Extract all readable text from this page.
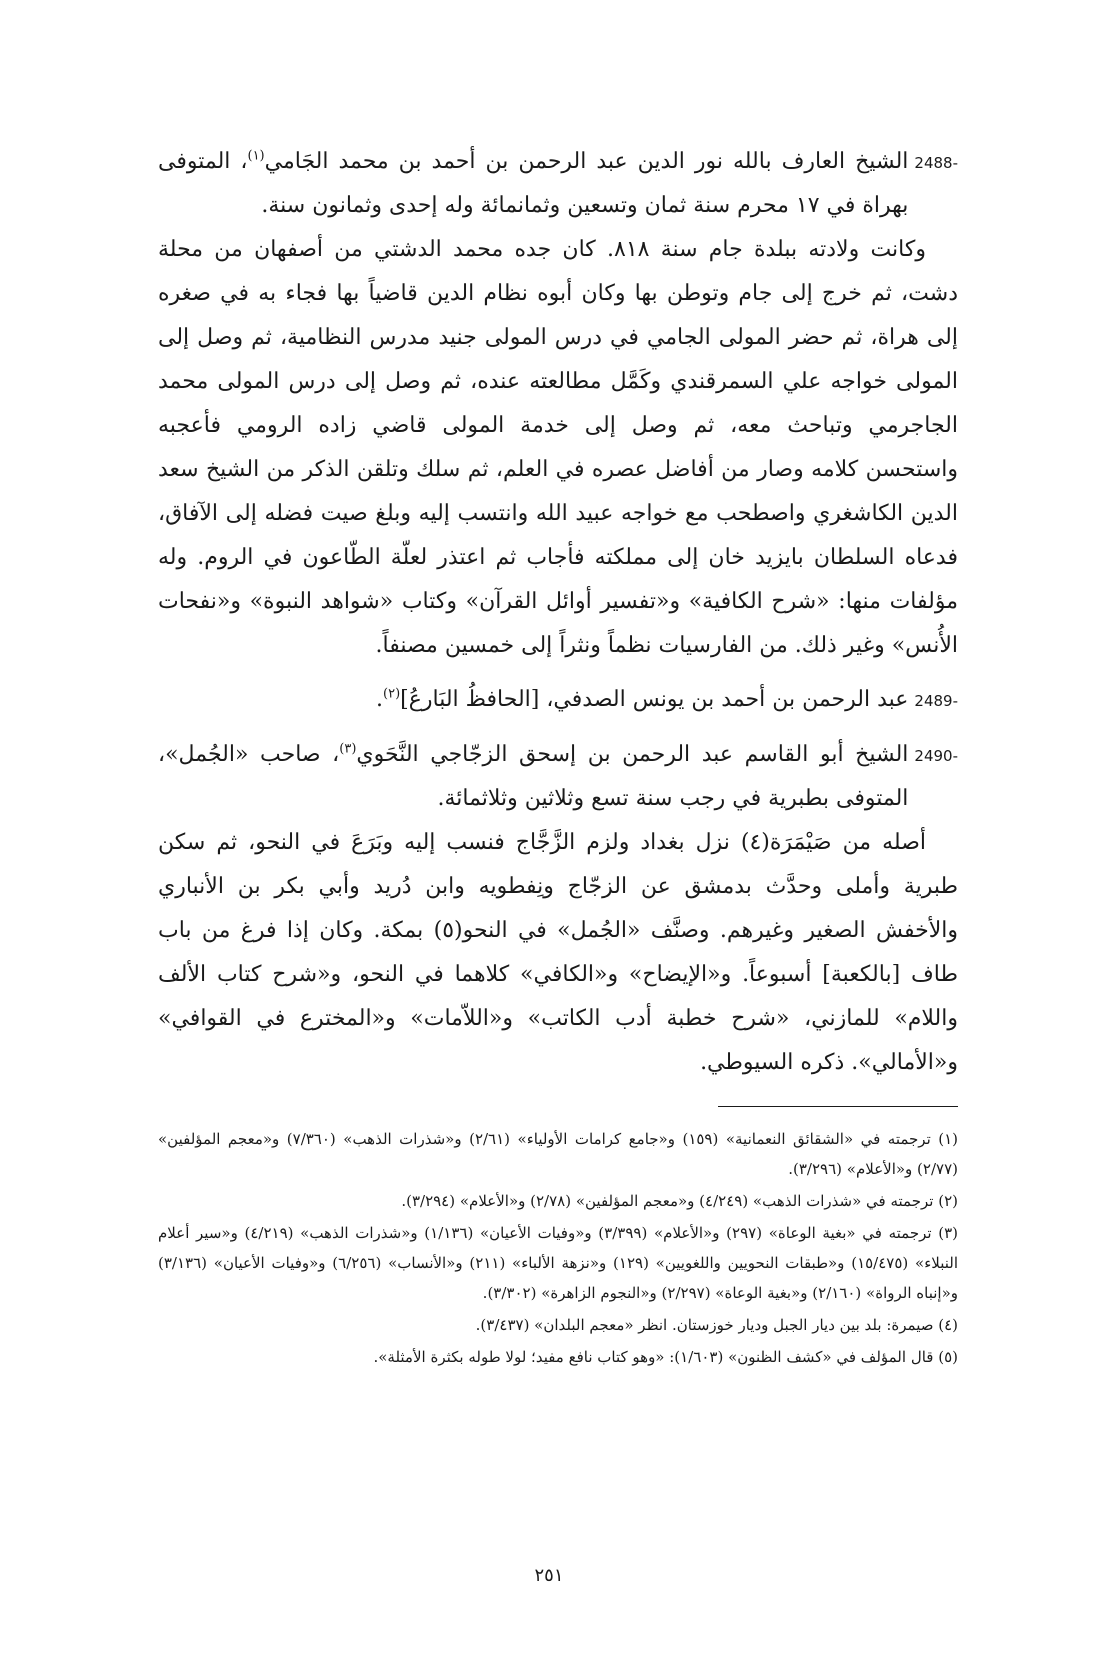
2488-
الشيخ العارف بالله نور الدين عبد الرحمن بن أحمد بن محمد الجَامي$^{(١)}$، المتوفى بهراة في ١٧ محرم سنة ثمان وتسعين وثمانمائة وله إحدى وثمانون سنة.

وكانت ولادته ببلدة جام سنة ٨١٨. كان جده محمد الدشتي من أصفهان من محلة دشت، ثم خرج إلى جام وتوطن بها وكان أبوه نظام الدين قاضياً بها فجاء به في صغره إلى هراة، ثم حضر المولى الجامي في درس المولى جنيد مدرس النظامية، ثم وصل إلى المولى خواجه علي السمرقندي وكَمَّل مطالعته عنده، ثم وصل إلى درس المولى محمد الجاجرمي وتباحث معه، ثم وصل إلى خدمة المولى قاضي زاده الرومي فأعجبه واستحسن كلامه وصار من أفاضل عصره في العلم، ثم سلك وتلقن الذكر من الشيخ سعد الدين الكاشغري واصطحب مع خواجه عبيد الله وانتسب إليه وبلغ صيت فضله إلى الآفاق، فدعاه السلطان بايزيد خان إلى مملكته فأجاب ثم اعتذر لعلّة الطّاعون في الروم. وله مؤلفات منها: «شرح الكافية» و«تفسير أوائل القرآن» وكتاب «شواهد النبوة» و«نفحات الأُنس» وغير ذلك. من الفارسيات نظماً ونثراً إلى خمسين مصنفاً.

2489-
عبد الرحمن بن أحمد بن يونس الصدفي، [الحافظُ البَارعُ]$^{(٢)}$.
2490-
الشيخ أبو القاسم عبد الرحمن بن إسحق الزجّاجي النَّحَوي$^{(٣)}$، صاحب «الجُمل»، المتوفى بطبرية في رجب سنة تسع وثلاثين وثلاثمائة.

أصله من صَيْمَرَة(٤) نزل بغداد ولزم الزَّجَّاج فنسب إليه وبَرَعَ في النحو، ثم سكن طبرية وأملى وحدَّث بدمشق عن الزجّاج ونِفطويه وابن دُريد وأبي بكر بن الأنباري والأخفش الصغير وغيرهم. وصنَّف «الجُمل» في النحو(٥) بمكة. وكان إذا فرغ من باب طاف [بالكعبة] أسبوعاً. و«الإيضاح» و«الكافي» كلاهما في النحو، و«شرح كتاب الألف واللام» للمازني، «شرح خطبة أدب الكاتب» و«اللاّمات» و«المخترع في القوافي» و«الأمالي». ذكره السيوطي.

(١) ترجمته في «الشقائق النعمانية» (١٥٩) و«جامع كرامات الأولياء» (٢/٦١) و«شذرات الذهب» (٧/٣٦٠) و«معجم المؤلفين» (٢/٧٧) و«الأعلام» (٣/٢٩٦).

(٢) ترجمته في «شذرات الذهب» (٤/٢٤٩) و«معجم المؤلفين» (٢/٧٨) و«الأعلام» (٣/٢٩٤).

(٣) ترجمته في «بغية الوعاة» (٢٩٧) و«الأعلام» (٣/٣٩٩) و«وفيات الأعيان» (١/١٣٦) و«شذرات الذهب» (٤/٢١٩) و«سير أعلام النبلاء» (١٥/٤٧٥) و«طبقات النحويين واللغويين» (١٢٩) و«نزهة الألباء» (٢١١) و«الأنساب» (٦/٢٥٦) و«وفيات الأعيان» (٣/١٣٦) و«إنباه الرواة» (٢/١٦٠) و«بغية الوعاة» (٢/٢٩٧) و«النجوم الزاهرة» (٣/٣٠٢).

(٤) صيمرة: بلد بين ديار الجبل وديار خوزستان. انظر «معجم البلدان» (٣/٤٣٧).

(٥) قال المؤلف في «كشف الظنون» (١/٦٠٣): «وهو كتاب نافع مفيد؛ لولا طوله بكثرة الأمثلة».

٢٥١
